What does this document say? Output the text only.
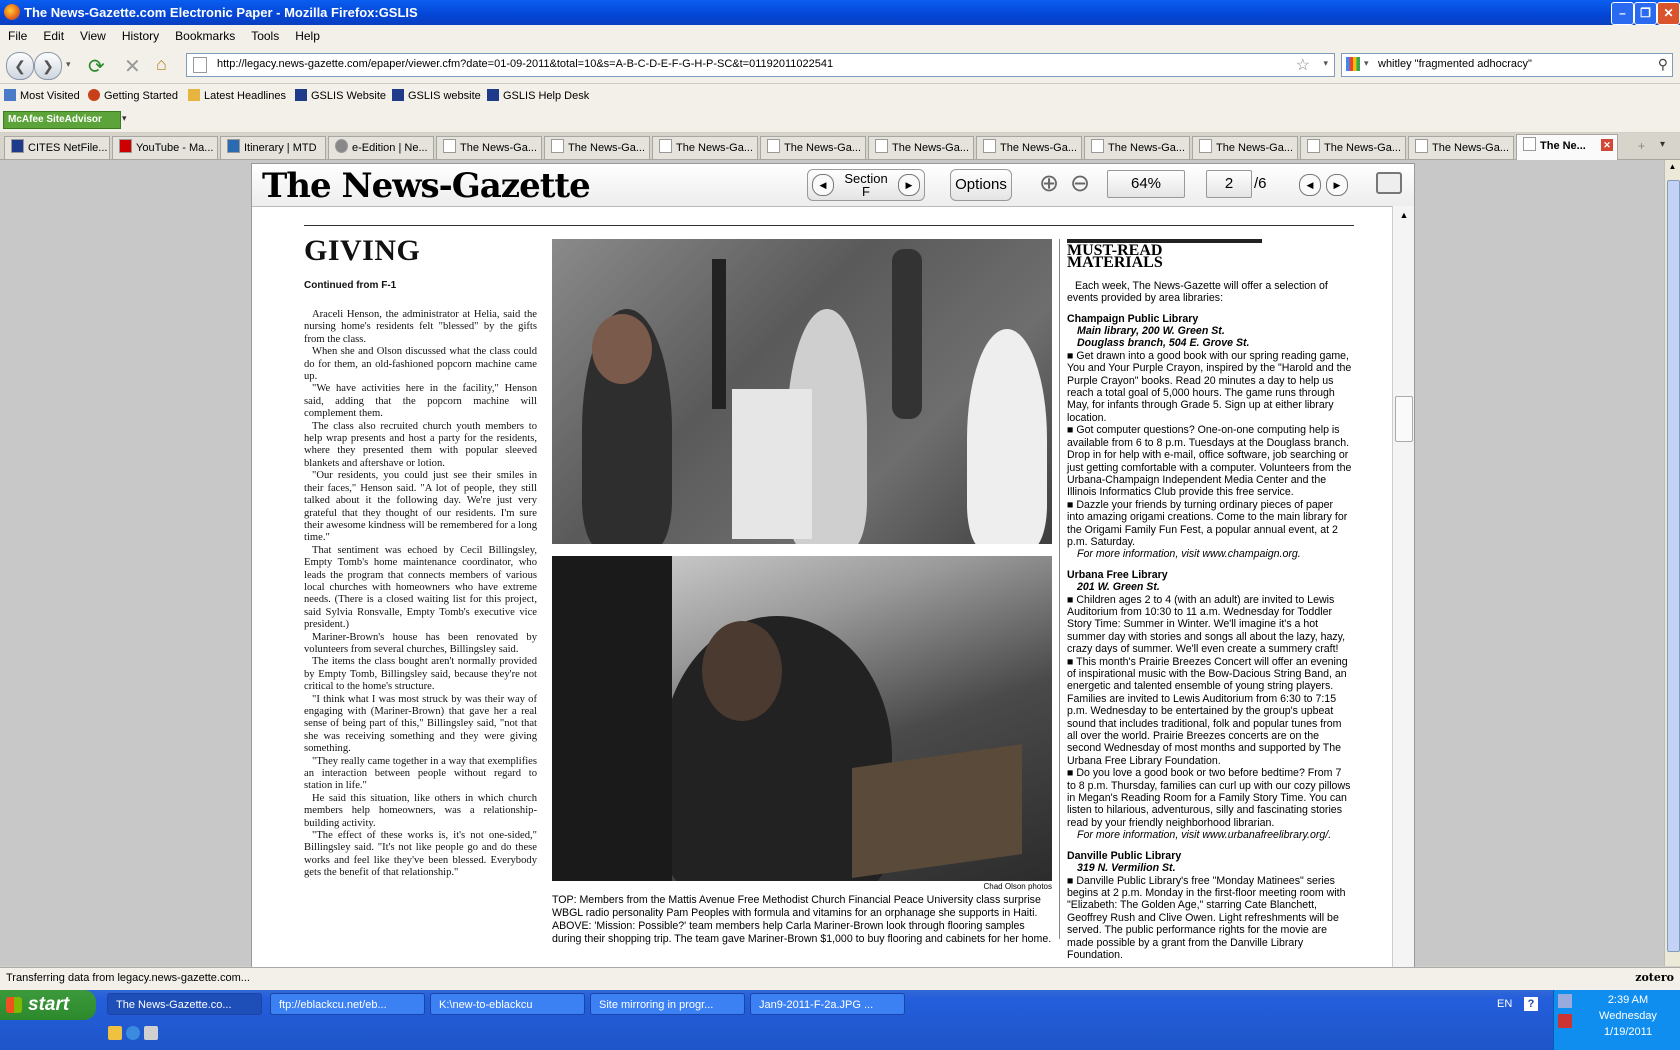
The News-Gazette.com Electronic Paper - Mozilla Firefox:GSLIS	–	❐	✕
File Edit View History Bookmarks Tools Help
❮	❯	▾ ⟳ ✕ ⌂	http://legacy.news-gazette.com/epaper/viewer.cfm?date=01-09-2011&total=10&s=A-B-C-D-E-F-G-H-P-SC&t=01192011022541	☆ ▾	▾ whitley "fragmented adhocracy"	⚲
Most Visited	Getting Started	Latest Headlines	GSLIS Website	GSLIS website	GSLIS Help Desk
McAfee SiteAdvisor	▾
CITES NetFile...	YouTube - Ma...	Itinerary | MTD	e-Edition | Ne...	The News-Ga...	The News-Ga...	The News-Ga...	The News-Ga...	The News-Ga...	The News-Ga...	The News-Ga...	The News-Ga...	The News-Ga...	The News-Ga...	The Ne... ✕ + ▾
▲
The News-Gazette	◀	Section
F	▶	Options ⊕ ⊖	64%	2	/6	◀	▶
GIVING
Continued from F-1

Araceli Henson, the administrator at Helia, said the nursing home's residents felt "blessed" by the gifts from the class.

When she and Olson discussed what the class could do for them, an old-fashioned popcorn machine came up.

"We have activities here in the facility," Henson said, adding that the popcorn machine will complement them.

The class also recruited church youth members to help wrap presents and host a party for the residents, where they presented them with popular sleeved blankets and aftershave or lotion.

"Our residents, you could just see their smiles in their faces," Henson said. "A lot of people, they still talked about it the following day. We're just very grateful that they thought of our residents. I'm sure their awesome kindness will be remembered for a long time."

That sentiment was echoed by Cecil Billingsley, Empty Tomb's home maintenance coordinator, who leads the program that connects members of various local churches with homeowners who have extreme needs. (There is a closed waiting list for this project, said Sylvia Ronsvalle, Empty Tomb's executive vice president.)

Mariner-Brown's house has been renovated by volunteers from several churches, Billingsley said.

The items the class bought aren't normally provided by Empty Tomb, Billingsley said, because they're not critical to the home's structure.

"I think what I was most struck by was their way of engaging with (Mariner-Brown) that gave her a real sense of being part of this," Billingsley said, "not that she was receiving something and they were giving something.

"They really came together in a way that exemplifies an interaction between people without regard to station in life."

He said this situation, like others in which church members help homeowners, was a relationship-building activity.

"The effect of these works is, it's not one-sided," Billingsley said. "It's not like people go and do these works and feel like they've been blessed. Everybody gets the benefit of that relationship."

Chad Olson photos
TOP: Members from the Mattis Avenue Free Methodist Church Financial Peace University class surprise WBGL radio personality Pam Peoples with formula and vitamins for an orphanage she supports in Haiti. ABOVE: 'Mission: Possible?' team members help Carla Mariner-Brown look through flooring samples during their shopping trip. The team gave Mariner-Brown $1,000 to buy flooring and cabinets for her home.
MUST-READ MATERIALS

Each week, The News-Gazette will offer a selection of events provided by area libraries:

Champaign Public Library
Main library, 200 W. Green St.
Douglass branch, 504 E. Grove St.
■ Get drawn into a good book with our spring reading game, You and Your Purple Crayon, inspired by the "Harold and the Purple Crayon" books. Read 20 minutes a day to help us reach a total goal of 5,000 hours. The game runs through May, for infants through Grade 5. Sign up at either library location.
■ Got computer questions? One-on-one computing help is available from 6 to 8 p.m. Tuesdays at the Douglass branch. Drop in for help with e-mail, office software, job searching or just getting comfortable with a computer. Volunteers from the Urbana-Champaign Independent Media Center and the Illinois Informatics Club provide this free service.
■ Dazzle your friends by turning ordinary pieces of paper into amazing origami creations. Come to the main library for the Origami Family Fun Fest, a popular annual event, at 2 p.m. Saturday.
For more information, visit www.champaign.org.
Urbana Free Library
201 W. Green St.
■ Children ages 2 to 4 (with an adult) are invited to Lewis Auditorium from 10:30 to 11 a.m. Wednesday for Toddler Story Time: Summer in Winter. We'll imagine it's a hot summer day with stories and songs all about the lazy, hazy, crazy days of summer. We'll even create a summery craft!
■ This month's Prairie Breezes Concert will offer an evening of inspirational music with the Bow-Dacious String Band, an energetic and talented ensemble of young string players. Families are invited to Lewis Auditorium from 6:30 to 7:15 p.m. Wednesday to be entertained by the group's upbeat sound that includes traditional, folk and popular tunes from all over the world. Prairie Breezes concerts are on the second Wednesday of most months and supported by The Urbana Free Library Foundation.
■ Do you love a good book or two before bedtime? From 7 to 8 p.m. Thursday, families can curl up with our cozy pillows in Megan's Reading Room for a Family Story Time. You can listen to hilarious, adventurous, silly and fascinating stories read by your friendly neighborhood librarian.
For more information, visit www.urbanafreelibrary.org/.
Danville Public Library
319 N. Vermilion St.
■ Danville Public Library's free "Monday Matinees" series begins at 2 p.m. Monday in the first-floor meeting room with "Elizabeth: The Golden Age," starring Cate Blanchett, Geoffrey Rush and Clive Owen. Light refreshments will be served. The public performance rights for the movie are made possible by a grant from the Danville Library Foundation.
▲
Transferring data from legacy.news-gazette.com...	zotero
start	The News-Gazette.co...	ftp://eblackcu.net/eb...	K:\new-to-eblackcu	Site mirroring in progr...	Jan9-2011-F-2a.JPG ...	EN	?	2:39 AM
Wednesday
1/19/2011
